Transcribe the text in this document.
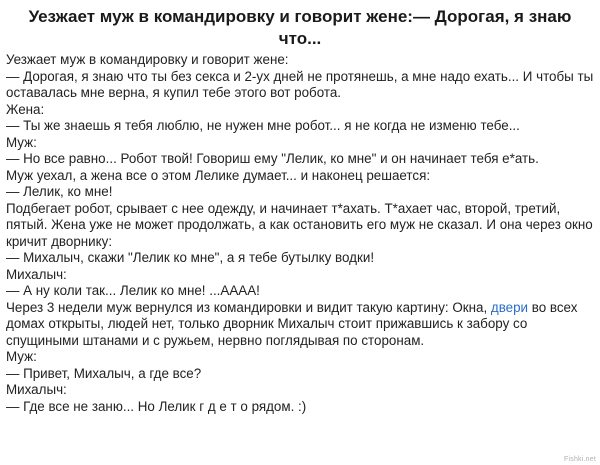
Уезжает муж в командировку и говорит жене:— Дорогая, я знаю что...

Уезжает муж в командировку и говорит жене:

— Дорогая, я знаю что ты без секса и 2-ух дней не протянешь, а мне надо ехать... И чтобы ты оставалась мне верна, я купил тебе этого вот робота.

Жена:

— Ты же знаешь я тебя люблю, не нужен мне робот... я не когда не изменю тебе...

Муж:

— Но все равно... Робот твой! Говориш ему "Лелик, ко мне" и он начинает тебя е*ать.

Муж уехал, а жена все о этом Лелике думает... и наконец решается:

— Лелик, ко мне!

Подбегает робот, срывает с нее одежду, и начинает т*ахать. Т*ахает час, второй, третий, пятый. Жена уже не может продолжать, а как остановить его муж не сказал. И она через окно кричит дворнику:

— Михалыч, скажи "Лелик ко мне", а я тебе бутылку водки!

Михалыч:

— А ну коли так... Лелик ко мне! ...АААА!

Через 3 недели муж вернулся из командировки и видит такую картину: Окна, двери во всех домах открыты, людей нет, только дворник Михалыч стоит прижавшись к забору со спущиными штанами и с ружьем, нервно поглядывая по сторонам.

Муж:

— Привет, Михалыч, а где все?

Михалыч:

— Где все не заню... Но Лелик г д е т о рядом. :)

Fishki.net
